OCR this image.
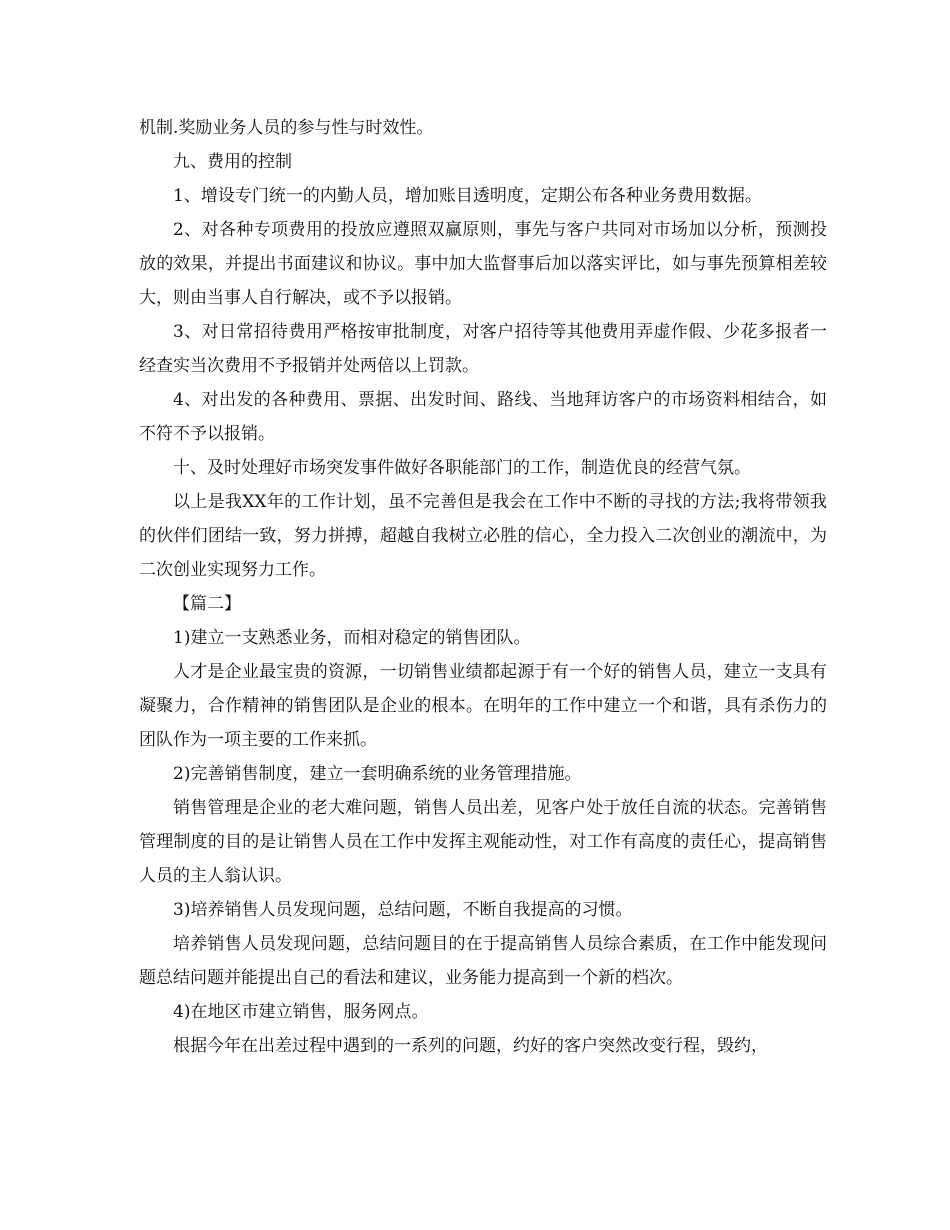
机制.奖励业务人员的参与性与时效性。

九、费用的控制

1、增设专门统一的内勤人员，增加账目透明度，定期公布各种业务费用数据。

2、对各种专项费用的投放应遵照双赢原则，事先与客户共同对市场加以分析，预测投放的效果，并提出书面建议和协议。事中加大监督事后加以落实评比，如与事先预算相差较大，则由当事人自行解决，或不予以报销。

3、对日常招待费用严格按审批制度，对客户招待等其他费用弄虚作假、少花多报者一经查实当次费用不予报销并处两倍以上罚款。

4、对出发的各种费用、票据、出发时间、路线、当地拜访客户的市场资料相结合，如不符不予以报销。

十、及时处理好市场突发事件做好各职能部门的工作，制造优良的经营气氛。

以上是我XX年的工作计划，虽不完善但是我会在工作中不断的寻找的方法;我将带领我的伙伴们团结一致，努力拼搏，超越自我树立必胜的信心，全力投入二次创业的潮流中，为二次创业实现努力工作。

【篇二】

1)建立一支熟悉业务，而相对稳定的销售团队。

人才是企业最宝贵的资源，一切销售业绩都起源于有一个好的销售人员，建立一支具有凝聚力，合作精神的销售团队是企业的根本。在明年的工作中建立一个和谐，具有杀伤力的团队作为一项主要的工作来抓。

2)完善销售制度，建立一套明确系统的业务管理措施。

销售管理是企业的老大难问题，销售人员出差，见客户处于放任自流的状态。完善销售管理制度的目的是让销售人员在工作中发挥主观能动性，对工作有高度的责任心，提高销售人员的主人翁认识。

3)培养销售人员发现问题，总结问题，不断自我提高的习惯。

培养销售人员发现问题，总结问题目的在于提高销售人员综合素质，在工作中能发现问题总结问题并能提出自己的看法和建议，业务能力提高到一个新的档次。

4)在地区市建立销售，服务网点。

根据今年在出差过程中遇到的一系列的问题，约好的客户突然改变行程，毁约，
